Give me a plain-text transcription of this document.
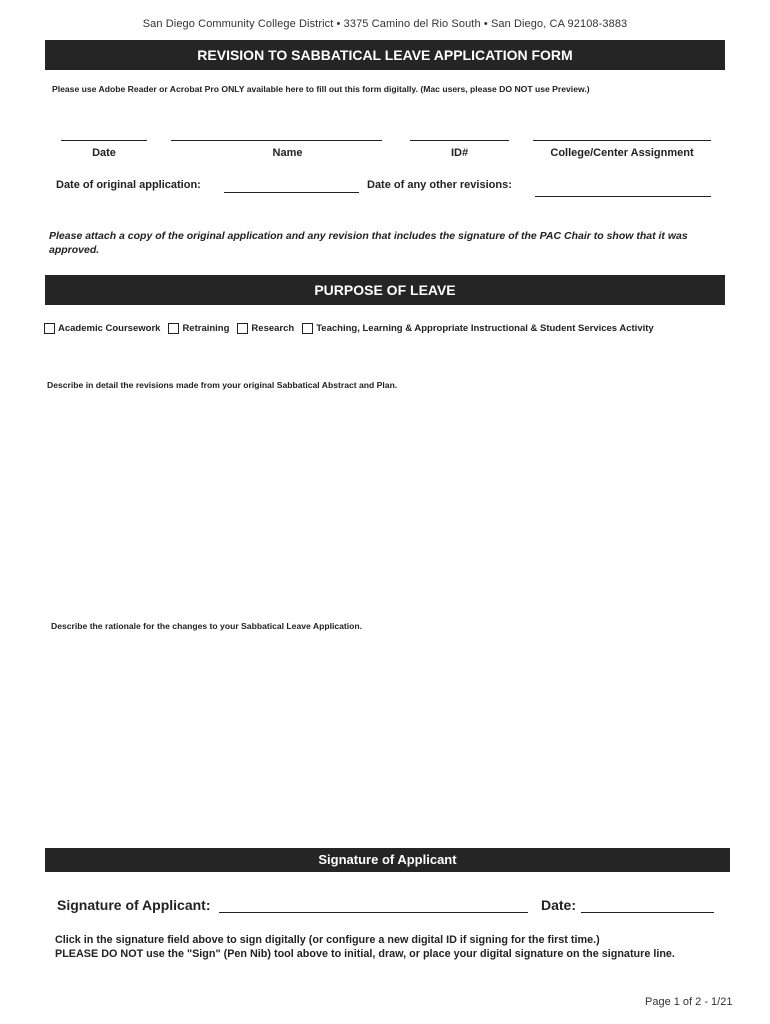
San Diego Community College District • 3375 Camino del Rio South • San Diego, CA 92108-3883
REVISION TO SABBATICAL LEAVE APPLICATION FORM
Please use Adobe Reader or Acrobat Pro ONLY available here to fill out this form digitally. (Mac users, please DO NOT use Preview.)
Date	Name	ID#	College/Center Assignment
Date of original application:	Date of any other revisions:
Please attach a copy of the original application and any revision that includes the signature of the PAC Chair to show that it was approved.
PURPOSE OF LEAVE
Academic Coursework Retraining Research Teaching, Learning & Appropriate Instructional & Student Services Activity
Describe in detail the revisions made from your original Sabbatical Abstract and Plan.
Describe the rationale for the changes to your Sabbatical Leave Application.
Signature of Applicant
Signature of Applicant:	Date:
Click in the signature field above to sign digitally (or configure a new digital ID if signing for the first time.)
PLEASE DO NOT use the "Sign" (Pen Nib) tool above to initial, draw, or place your digital signature on the signature line.
Page 1 of 2 - 1/21
